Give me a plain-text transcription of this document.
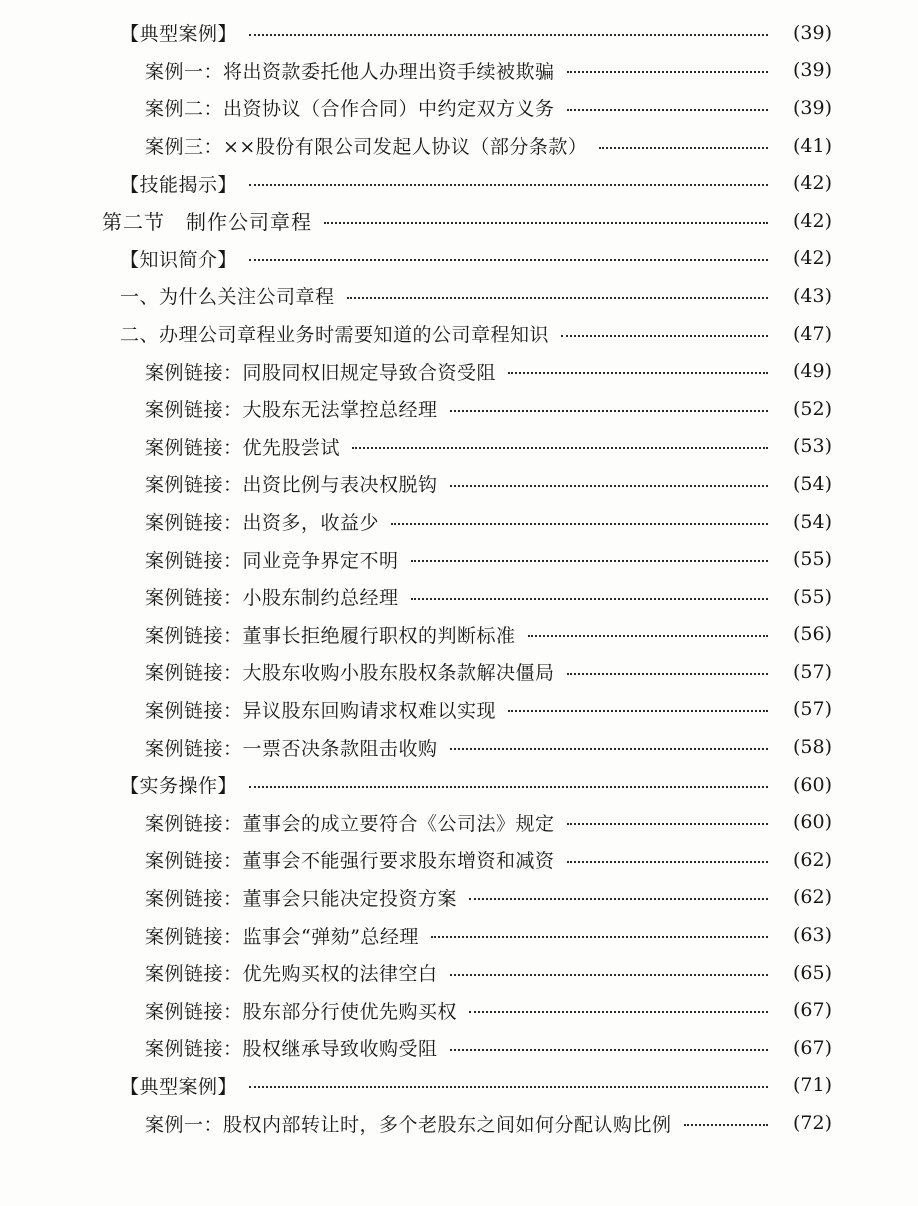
【典型案例】	(39)
案例一：将出资款委托他人办理出资手续被欺骗	(39)
案例二：出资协议（合作合同）中约定双方义务	(39)
案例三：××股份有限公司发起人协议（部分条款）	(41)
【技能揭示】	(42)
第二节　制作公司章程	(42)
【知识简介】	(42)
一、为什么关注公司章程	(43)
二、办理公司章程业务时需要知道的公司章程知识	(47)
案例链接：同股同权旧规定导致合资受阻	(49)
案例链接：大股东无法掌控总经理	(52)
案例链接：优先股尝试	(53)
案例链接：出资比例与表决权脱钩	(54)
案例链接：出资多，收益少	(54)
案例链接：同业竞争界定不明	(55)
案例链接：小股东制约总经理	(55)
案例链接：董事长拒绝履行职权的判断标准	(56)
案例链接：大股东收购小股东股权条款解决僵局	(57)
案例链接：异议股东回购请求权难以实现	(57)
案例链接：一票否决条款阻击收购	(58)
【实务操作】	(60)
案例链接：董事会的成立要符合《公司法》规定	(60)
案例链接：董事会不能强行要求股东增资和减资	(62)
案例链接：董事会只能决定投资方案	(62)
案例链接：监事会“弹劾”总经理	(63)
案例链接：优先购买权的法律空白	(65)
案例链接：股东部分行使优先购买权	(67)
案例链接：股权继承导致收购受阻	(67)
【典型案例】	(71)
案例一：股权内部转让时，多个老股东之间如何分配认购比例	(72)
